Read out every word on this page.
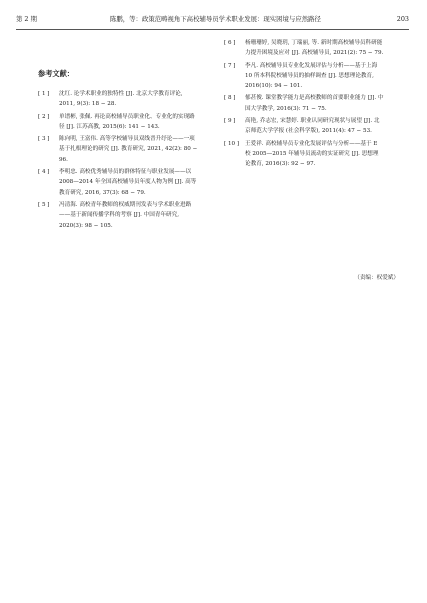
第 2 期	陈鹏，等：政策范畴视角下高校辅导员学术职业发展：现实困境与应然路径	203
参考文献：
[ 1 ] 沈红. 论学术职业的独特性 [J]. 北京大学教育评论, 2011, 9(3): 18 − 28.
[ 2 ] 单谱彬, 张佩. 再论高校辅导员职业化、专业化的实现路径 [J]. 江苏高教, 2015(6): 141 − 143.
[ 3 ] 陈向明, 王富伟. 高等学校辅导员双线晋升纾论——一项基于扎根理论的研究 [J]. 教育研究, 2021, 42(2): 80 − 96.
[ 4 ] 李明忠. 高校优秀辅导员的群体特征与职业发展——以 2008—2014 年全国高校辅导员年度人物为例 [J]. 高等教育研究, 2016, 37(3): 68 − 79.
[ 5 ] 冯清海. 高校青年教师的权威期刊发表与学术职业进路——基于新闻传播学科的考察 [J]. 中国青年研究, 2020(3): 98 − 105.
[ 6 ] 杨珊珊婷, 吴晓玥, 丁瑞丽, 等. 新时期高校辅导员科研能力提升困境及应对 [J]. 高校辅导员, 2021(2): 75 − 79.
[ 7 ] 李凡. 高校辅导员专业化发展评估与分析——基于上海 10 所本科院校辅导员的抽样调查 [J]. 思想理论教育, 2016(10): 94 − 101.
[ 8 ] 郁甚俊. 课堂教学能力是高校教师的首要职业能力 [J]. 中国大学教学, 2016(3): 71 − 75.
[ 9 ] 高艳, 乔志宏, 宋慧婷. 职业认同研究现状与展望 [J]. 北京师范大学学报 (社会科学版), 2011(4): 47 − 53.
[ 10 ] 王爱祥. 高校辅导员专业化发展评估与分析——基于 E 校 2005—2015 年辅导员流动的实证研究 [J]. 思想理论教育, 2016(3): 92 − 97.
（责编：权爱斌）
